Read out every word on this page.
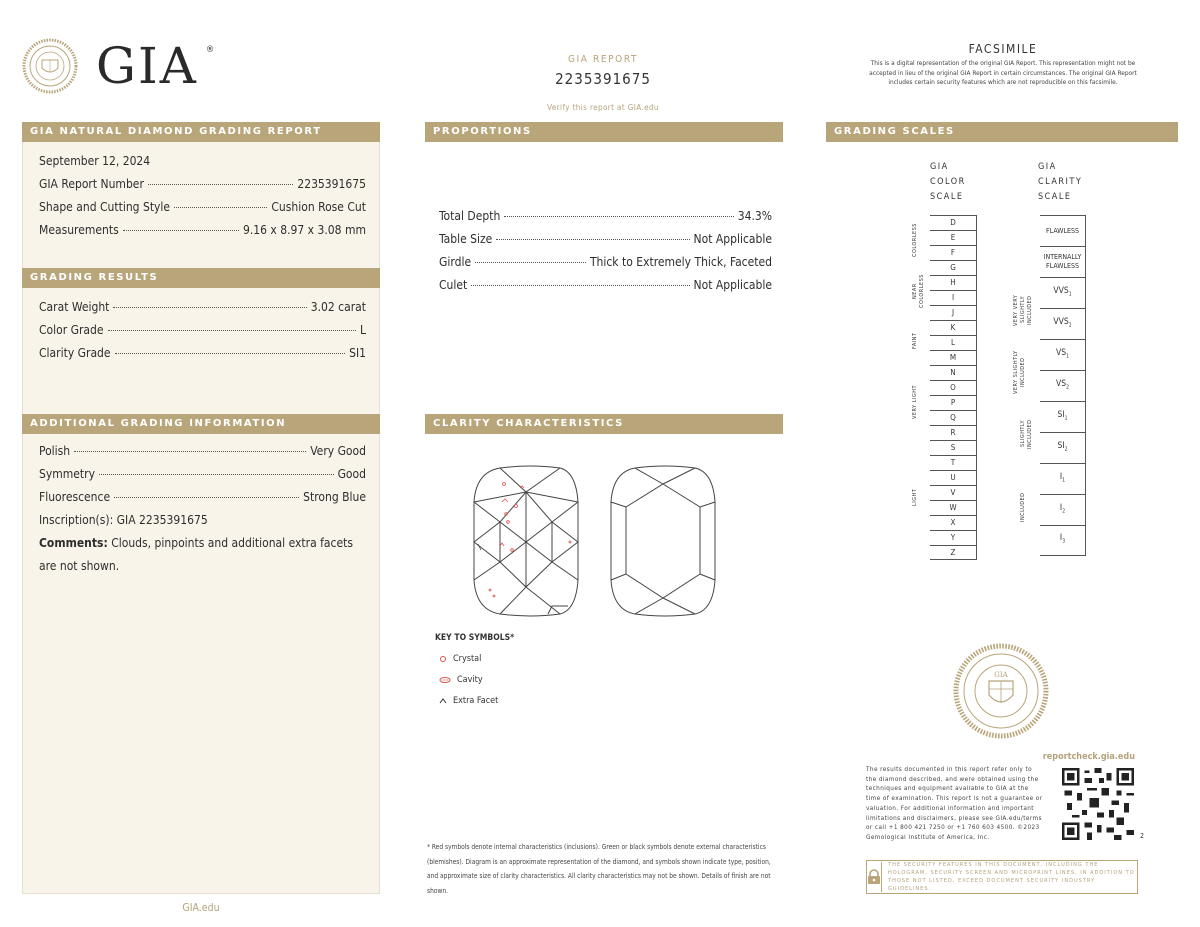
GIA ®
GIA REPORT
2235391675
Verify this report at GIA.edu
FACSIMILE
This is a digital representation of the original GIA Report. This representation might not be accepted in lieu of the original GIA Report in certain circumstances. The original GIA Report includes certain security features which are not reproducible on this facsimile.
GIA NATURAL DIAMOND GRADING REPORT
September 12, 2024
GIA Report Number	2235391675
Shape and Cutting Style	Cushion Rose Cut
Measurements	9.16 x 8.97 x 3.08 mm
GRADING RESULTS
Carat Weight	3.02 carat
Color Grade	L
Clarity Grade	SI1
ADDITIONAL GRADING INFORMATION
Polish	Very Good
Symmetry	Good
Fluorescence	Strong Blue
Inscription(s): GIA 2235391675
Comments: Clouds, pinpoints and additional extra facets
are not shown.
GIA.edu
PROPORTIONS
Total Depth	34.3%
Table Size	Not Applicable
Girdle	Thick to Extremely Thick, Faceted
Culet	Not Applicable
CLARITY CHARACTERISTICS
KEY TO SYMBOLS*
Crystal
Cavity
Extra Facet
* Red symbols denote internal characteristics (inclusions). Green or black symbols denote external characteristics (blemishes). Diagram is an approximate representation of the diamond, and symbols shown indicate type, position, and approximate size of clarity characteristics. All clarity characteristics may not be shown. Details of finish are not shown.
GRADING SCALES
GIA
COLOR
SCALE
GIA
CLARITY
SCALE
D
E
F
G
H
I
J
K
L
M
N
O
P
Q
R
S
T
U
V
W
X
Y
Z
FLAWLESS
INTERNALLY
FLAWLESS
$VVS_1$
$VVS_2$
$VS_1$
$VS_2$
$SI_1$
$SI_2$
$I_1$
$I_2$
$I_3$
COLORLESS
NEAR COLORLESS
FAINT
VERY LIGHT
LIGHT
VERY VERY SLIGHTLY INCLUDED
VERY SLIGHTLY INCLUDED
SLIGHTLY INCLUDED
INCLUDED
GIA
reportcheck.gia.edu
The results documented in this report refer only to the diamond described, and were obtained using the techniques and equipment available to GIA at the time of examination. This report is not a guarantee or valuation. For additional information and important limitations and disclaimers, please see GIA.edu/terms or call +1 800 421 7250 or +1 760 603 4500. ©2023 Gemological Institute of America, Inc.	2
THE SECURITY FEATURES IN THIS DOCUMENT, INCLUDING THE HOLOGRAM, SECURITY SCREEN AND MICROPRINT LINES, IN ADDITION TO THOSE NOT LISTED, EXCEED DOCUMENT SECURITY INDUSTRY GUIDELINES.
